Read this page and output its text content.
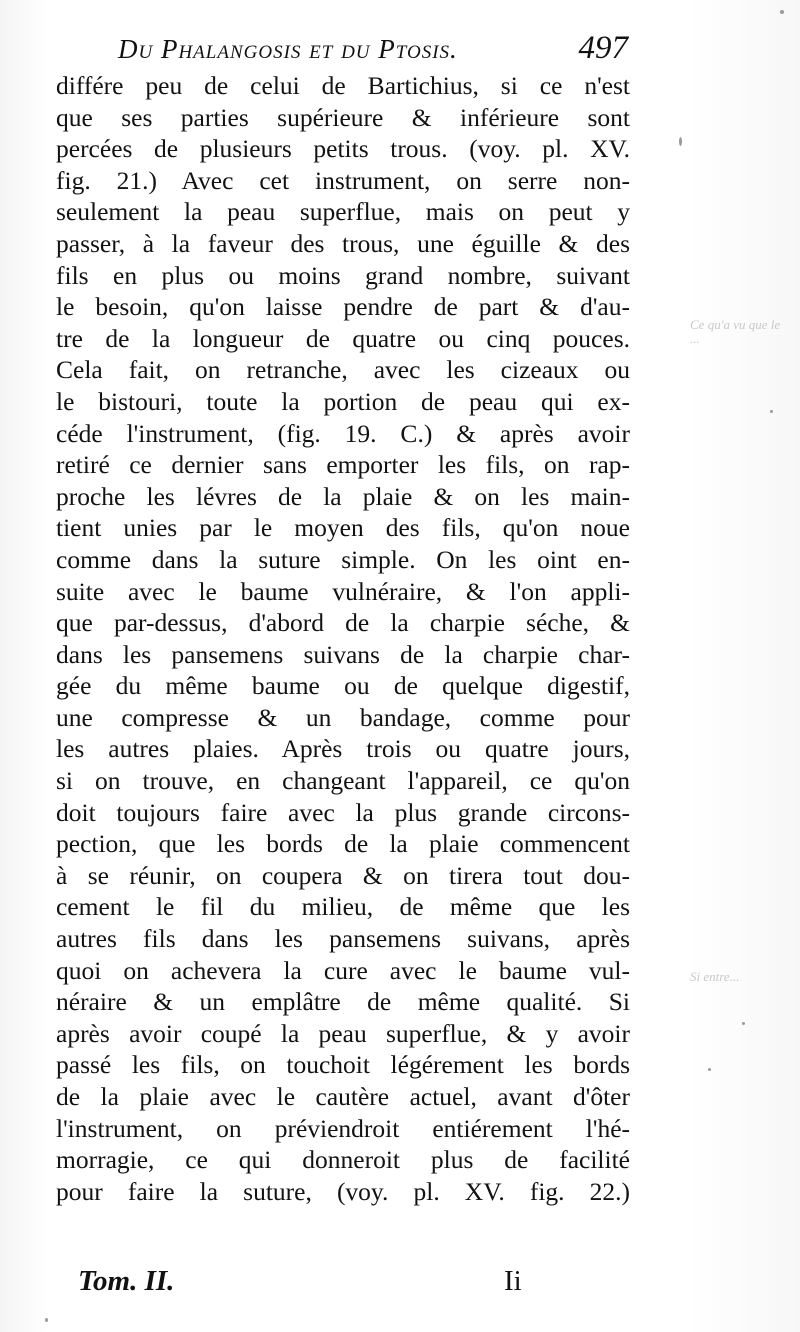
Du Phalangosis et du Ptosis.	497
différe peu de celui de Bartichius, si ce n'est
que ses parties supérieure & inférieure sont
percées de plusieurs petits trous. (voy. pl. XV.
fig. 21.) Avec cet instrument, on serre non-
seulement la peau superflue, mais on peut y
passer, à la faveur des trous, une éguille & des
fils en plus ou moins grand nombre, suivant
le besoin, qu'on laisse pendre de part & d'au-
tre de la longueur de quatre ou cinq pouces.
Cela fait, on retranche, avec les cizeaux ou
le bistouri, toute la portion de peau qui ex-
céde l'instrument, (fig. 19. C.) & après avoir
retiré ce dernier sans emporter les fils, on rap-
proche les lévres de la plaie & on les main-
tient unies par le moyen des fils, qu'on noue
comme dans la suture simple. On les oint en-
suite avec le baume vulnéraire, & l'on appli-
que par-dessus, d'abord de la charpie séche, &
dans les pansemens suivans de la charpie char-
gée du même baume ou de quelque digestif,
une compresse & un bandage, comme pour
les autres plaies. Après trois ou quatre jours,
si on trouve, en changeant l'appareil, ce qu'on
doit toujours faire avec la plus grande circons-
pection, que les bords de la plaie commencent
à se réunir, on coupera & on tirera tout dou-
cement le fil du milieu, de même que les
autres fils dans les pansemens suivans, après
quoi on achevera la cure avec le baume vul-
néraire & un emplâtre de même qualité. Si
après avoir coupé la peau superflue, & y avoir
passé les fils, on touchoit légérement les bords
de la plaie avec le cautère actuel, avant d'ôter
l'instrument, on préviendroit entiérement l'hé-
morragie, ce qui donneroit plus de facilité
pour faire la suture, (voy. pl. XV. fig. 22.)
Tom. II.	Ii
Ce qu'a vu que le ...
Si entre...
